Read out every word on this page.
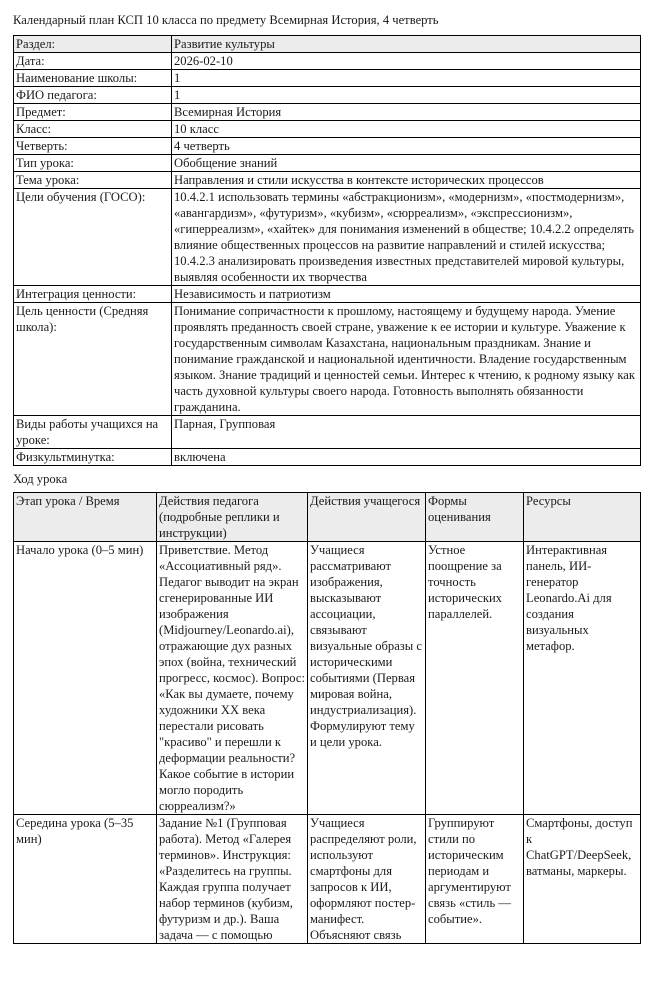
Календарный план КСП 10 класса по предмету Всемирная История, 4 четверть
Раздел:	Развитие культуры
Дата:	2026-02-10
Наименование школы:	1
ФИО педагога:	1
Предмет:	Всемирная История
Класс:	10 класс
Четверть:	4 четверть
Тип урока:	Обобщение знаний
Тема урока:	Направления и стили искусства в контексте исторических процессов
Цели обучения (ГОСО):	10.4.2.1 использовать термины «абстракционизм», «модернизм», «постмодернизм», «авангардизм», «футуризм», «кубизм», «сюрреализм», «экспрессионизм», «гиперреализм», «хайтек» для понимания изменений в обществе; 10.4.2.2 определять влияние общественных процессов на развитие направлений и стилей искусства; 10.4.2.3 анализировать произведения известных представителей мировой культуры, выявляя особенности их творчества
Интеграция ценности:	Независимость и патриотизм
Цель ценности (Средняя школа):	Понимание сопричастности к прошлому, настоящему и будущему народа. Умение проявлять преданность своей стране, уважение к ее истории и культуре. Уважение к государственным символам Казахстана, национальным праздникам. Знание и понимание гражданской и национальной идентичности. Владение государственным языком. Знание традиций и ценностей семьи. Интерес к чтению, к родному языку как часть духовной культуры своего народа. Готовность выполнять обязанности гражданина.
Виды работы учащихся на уроке:	Парная, Групповая
Физкультминутка:	включена
Ход урока
Этап урока / Время	Действия педагога (подробные реплики и инструкции)	Действия учащегося	Формы оценивания	Ресурсы
Начало урока (0–5 мин)	Приветствие. Метод «Ассоциативный ряд». Педагог выводит на экран сгенерированные ИИ изображения (Midjourney/Leonardo.ai), отражающие дух разных эпох (война, технический прогресс, космос). Вопрос: «Как вы думаете, почему художники XX века перестали рисовать "красиво" и перешли к деформации реальности? Какое событие в истории могло породить сюрреализм?»	Учащиеся рассматривают изображения, высказывают ассоциации, связывают визуальные образы с историческими событиями (Первая мировая война, индустриализация). Формулируют тему и цели урока.	Устное поощрение за точность исторических параллелей.	Интерактивная панель, ИИ-генератор Leonardo.Ai для создания визуальных метафор.
Середина урока (5–35 мин)	Задание №1 (Групповая работа). Метод «Галерея терминов». Инструкция: «Разделитесь на группы. Каждая группа получает набор терминов (кубизм, футуризм и др.). Ваша задача — с помощью	Учащиеся распределяют роли, используют смартфоны для запросов к ИИ, оформляют постер-манифест. Объясняют связь	Группируют стили по историческим периодам и аргументируют связь «стиль — событие».	Смартфоны, доступ к ChatGPT/DeepSeek, ватманы, маркеры.
